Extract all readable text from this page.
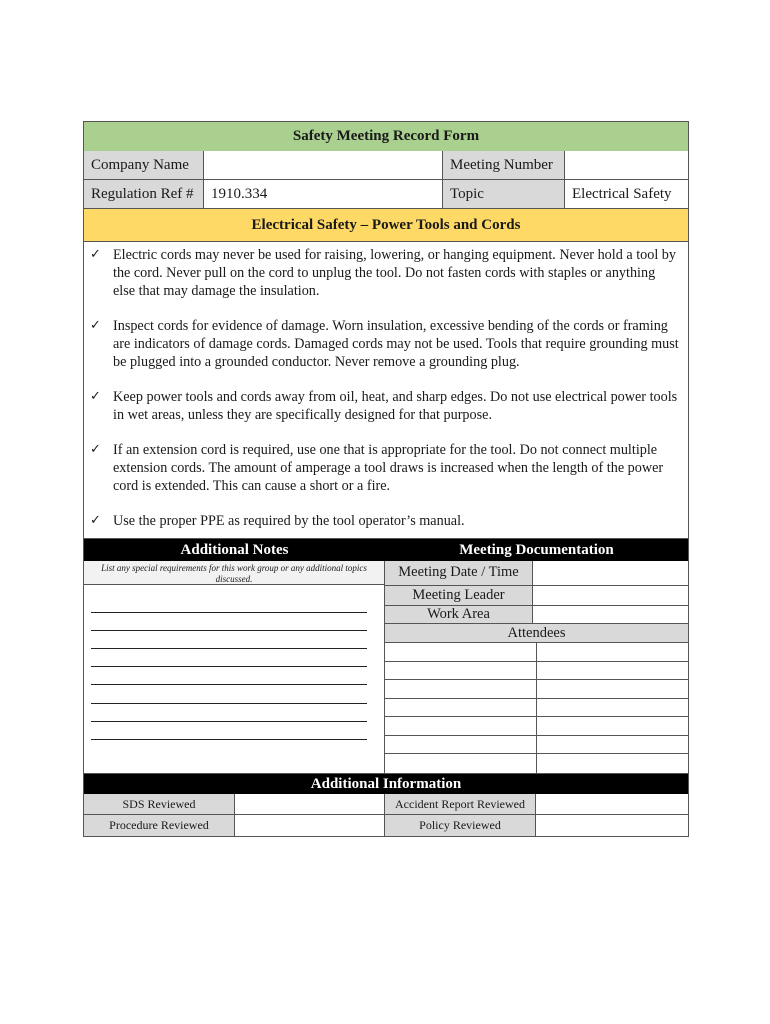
Safety Meeting Record Form
Company Name	Meeting Number
Regulation Ref #	1910.334	Topic	Electrical Safety
Electrical Safety – Power Tools and Cords
✓ Electric cords may never be used for raising, lowering, or hanging equipment. Never hold a tool by the cord. Never pull on the cord to unplug the tool. Do not fasten cords with staples or anything else that may damage the insulation.
✓ Inspect cords for evidence of damage. Worn insulation, excessive bending of the cords or framing are indicators of damage cords. Damaged cords may not be used. Tools that require grounding must be plugged into a grounded conductor. Never remove a grounding plug.
✓ Keep power tools and cords away from oil, heat, and sharp edges. Do not use electrical power tools in wet areas, unless they are specifically designed for that purpose.
✓ If an extension cord is required, use one that is appropriate for the tool. Do not connect multiple extension cords. The amount of amperage a tool draws is increased when the length of the power cord is extended. This can cause a short or a fire.
✓ Use the proper PPE as required by the tool operator’s manual.
Additional Notes	Meeting Documentation
List any special requirements for this work group or any additional topics discussed.	Meeting Date / Time
Meeting Leader
Work Area
Attendees
Additional Information
SDS Reviewed	Accident Report Reviewed
Procedure Reviewed	Policy Reviewed
